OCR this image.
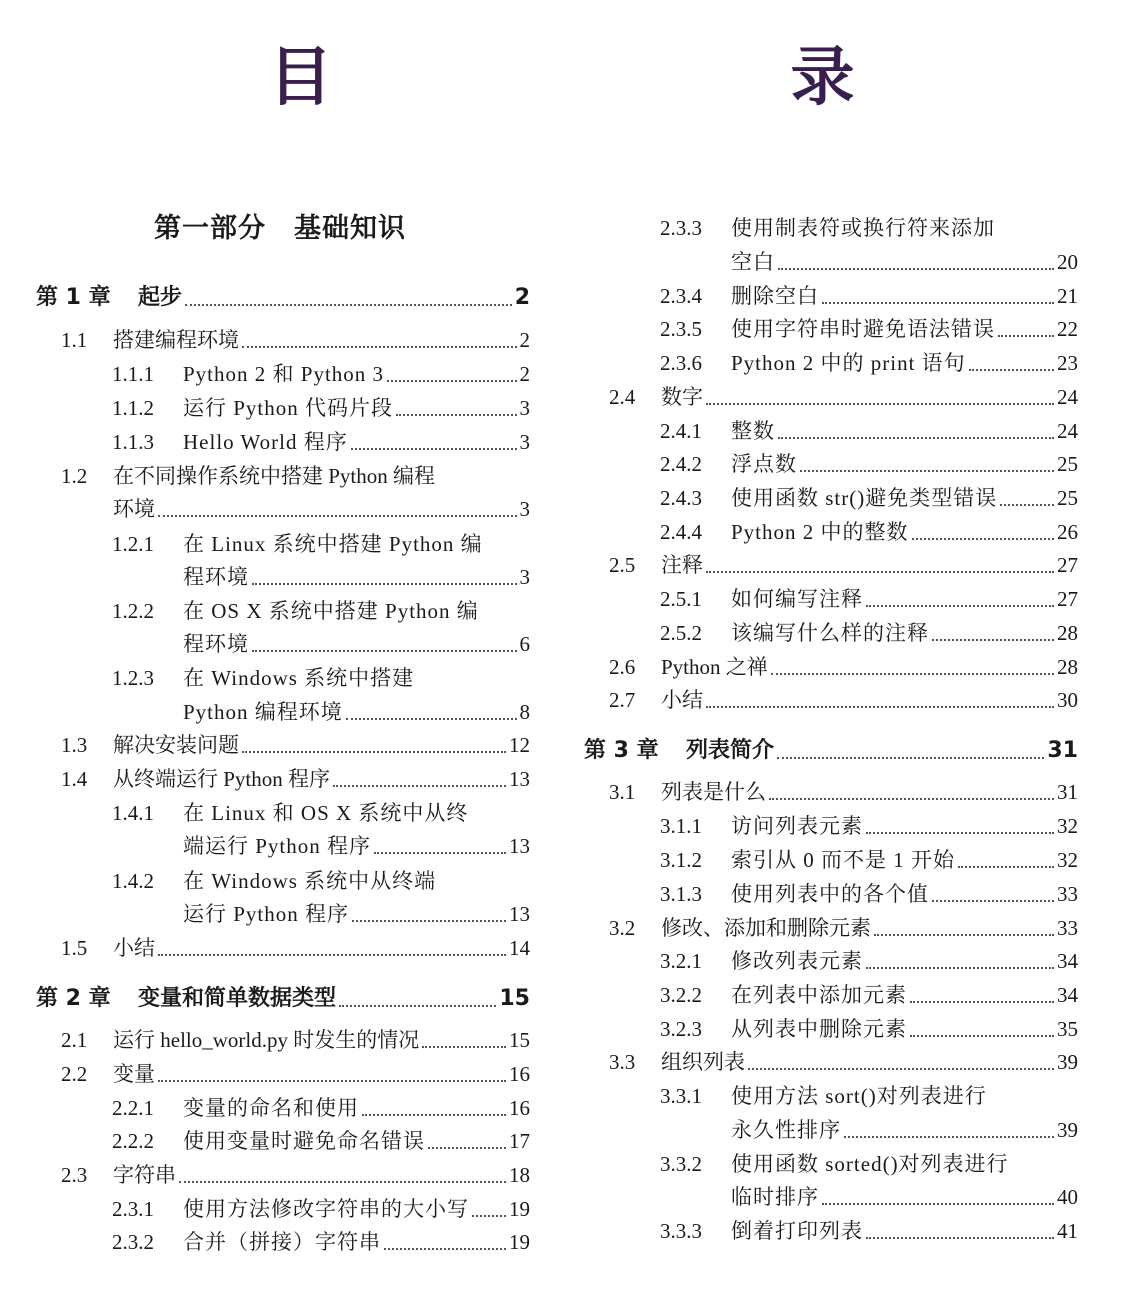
目　　录
第一部分　基础知识
第 1 章 起步	2
1.1 搭建编程环境	2
1.1.1 Python 2 和 Python 3	2
1.1.2 运行 Python 代码片段	3
1.1.3 Hello World 程序	3
1.2 在不同操作系统中搭建 Python 编程
环境	3
1.2.1 在 Linux 系统中搭建 Python 编
程环境	3
1.2.2 在 OS X 系统中搭建 Python 编
程环境	6
1.2.3 在 Windows 系统中搭建
Python 编程环境	8
1.3 解决安装问题	12
1.4 从终端运行 Python 程序	13
1.4.1 在 Linux 和 OS X 系统中从终
端运行 Python 程序	13
1.4.2 在 Windows 系统中从终端
运行 Python 程序	13
1.5 小结	14
第 2 章 变量和简单数据类型	15
2.1 运行 hello_world.py 时发生的情况	15
2.2 变量	16
2.2.1 变量的命名和使用	16
2.2.2 使用变量时避免命名错误	17
2.3 字符串	18
2.3.1 使用方法修改字符串的大小写 19
2.3.2 合并（拼接）字符串	19
2.3.3 使用制表符或换行符来添加
空白	20
2.3.4 删除空白	21
2.3.5 使用字符串时避免语法错误	22
2.3.6 Python 2 中的 print 语句	23
2.4 数字	24
2.4.1 整数	24
2.4.2 浮点数	25
2.4.3 使用函数 str()避免类型错误	25
2.4.4 Python 2 中的整数	26
2.5 注释	27
2.5.1 如何编写注释	27
2.5.2 该编写什么样的注释	28
2.6 Python 之禅	28
2.7 小结	30
第 3 章 列表简介	31
3.1 列表是什么	31
3.1.1 访问列表元素	32
3.1.2 索引从 0 而不是 1 开始	32
3.1.3 使用列表中的各个值	33
3.2 修改、添加和删除元素	33
3.2.1 修改列表元素	34
3.2.2 在列表中添加元素	34
3.2.3 从列表中删除元素	35
3.3 组织列表	39
3.3.1 使用方法 sort()对列表进行
永久性排序	39
3.3.2 使用函数 sorted()对列表进行
临时排序	40
3.3.3 倒着打印列表	41
